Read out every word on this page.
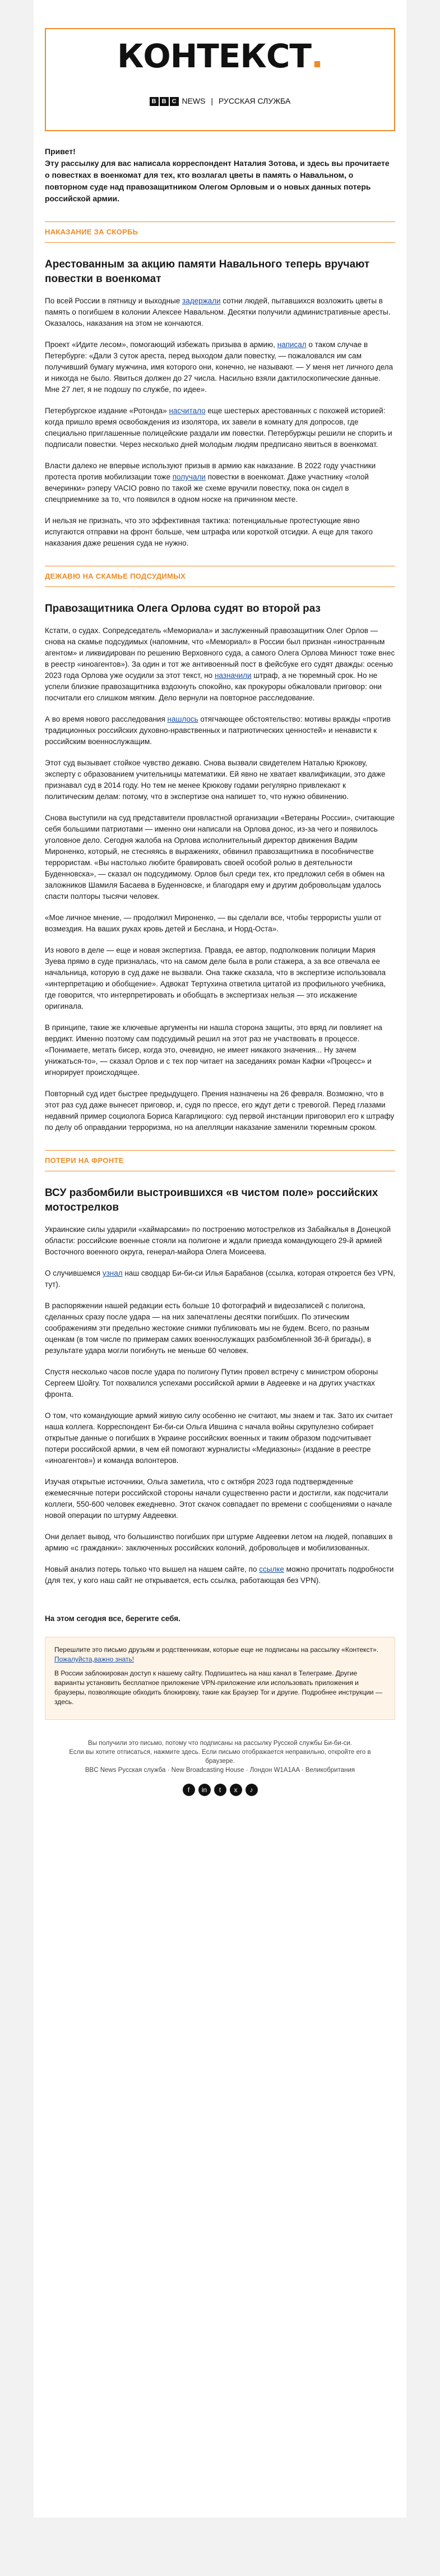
КОНТЕКСТ.
B B C NEWS | РУССКАЯ СЛУЖБА

Привет!

Эту рассылку для вас написала корреспондент Наталия Зотова, и здесь вы прочитаете о повестках в военкомат для тех, кто возлагал цветы в память о Навальном, о повторном суде над правозащитником Олегом Орловым и о новых данных потерь российской армии.

НАКАЗАНИЕ ЗА СКОРБЬ
Арестованным за акцию памяти Навального теперь вручают повестки в военкомат

По всей России в пятницу и выходные задержали сотни людей, пытавшихся возложить цветы в память о погибшем в колонии Алексее Навальном. Десятки получили административные аресты. Оказалось, наказания на этом не кончаются.

Проект «Идите лесом», помогающий избежать призыва в армию, написал о таком случае в Петербурге: «Дали 3 суток ареста, перед выходом дали повестку, — пожаловался им сам получивший бумагу мужчина, имя которого они, конечно, не называют. — У меня нет личного дела и никогда не было. Явиться должен до 27 числа. Насильно взяли дактилоскопические данные. Мне 27 лет, я не подошу по службе, по идее».

Петербургское издание «Ротонда» насчитало еще шестерых арестованных с похожей историей: когда пришло время освобождения из изолятора, их завели в комнату для допросов, где специально приглашенные полицейские раздали им повестки. Петербуржцы решили не спорить и подписали повестки. Через несколько дней молодым людям предписано явиться в военкомат.

Власти далеко не впервые используют призыв в армию как наказание. В 2022 году участники протеста против мобилизации тоже получали повестки в военкомат. Даже участнику «голой вечеринки» рэперу VACIO ровно по такой же схеме вручили повестку, пока он сидел в спецприемнике за то, что появился в одном носке на причинном месте.

И нельзя не признать, что это эффективная тактика: потенциальные протестующие явно испугаются отправки на фронт больше, чем штрафа или короткой отсидки. А еще для такого наказания даже решения суда не нужно.

ДЕЖАВЮ НА СКАМЬЕ ПОДСУДИМЫХ
Правозащитника Олега Орлова судят во второй раз

Кстати, о судах. Сопредседатель «Мемориала» и заслуженный правозащитник Олег Орлов — снова на скамье подсудимых (напомним, что «Мемориал» в России был признан «иностранным агентом» и ликвидирован по решению Верховного суда, а самого Олега Орлова Минюст тоже внес в реестр «иноагентов»). За один и тот же антивоенный пост в фейсбуке его судят дважды: осенью 2023 года Орлова уже осудили за этот текст, но назначили штраф, а не тюремный срок. Но не успели близкие правозащитника вздохнуть спокойно, как прокуроры обжаловали приговор: они посчитали его слишком мягким. Дело вернули на повторное расследование.

А во время нового расследования нашлось отягчающее обстоятельство: мотивы вражды «против традиционных российских духовно-нравственных и патриотических ценностей» и ненависти к российским военнослужащим.

Этот суд вызывает стойкое чувство дежавю. Снова вызвали свидетелем Наталью Крюкову, эксперту с образованием учительницы математики. Ей явно не хватает квалификации, это даже признавал суд в 2014 году. Но тем не менее Крюкову годами регулярно привлекают к политическим делам: потому, что в экспертизе она напишет то, что нужно обвинению.

Снова выступили на суд представители провластной организации «Ветераны России», считающие себя большими патриотами — именно они написали на Орлова донос, из-за чего и появилось уголовное дело. Сегодня жалоба на Орлова исполнительный директор движения Вадим Мироненко, который, не стесняясь в выражениях, обвинил правозащитника в пособничестве террористам. «Вы настолько любите бравировать своей особой ролью в деятельности Буденновска», — сказал он подсудимому. Орлов был среди тех, кто предложил себя в обмен на заложников Шамиля Басаева в Буденновске, и благодаря ему и другим добровольцам удалось спасти полторы тысячи человек.

«Мое личное мнение, — продолжил Мироненко, — вы сделали все, чтобы террористы ушли от возмездия. На ваших руках кровь детей и Беслана, и Норд-Оста».

Из нового в деле — еще и новая экспертиза. Правда, ее автор, подполковник полиции Мария Зуева прямо в суде призналась, что на самом деле была в роли стажера, а за все отвечала ее начальница, которую в суд даже не вызвали. Она также сказала, что в экспертизе использовала «интерпретацию и обобщение». Адвокат Тертухина ответила цитатой из профильного учебника, где говорится, что интерпретировать и обобщать в экспертизах нельзя — это искажение оригинала.

В принципе, такие же ключевые аргументы ни нашла сторона защиты, это вряд ли повлияет на вердикт. Именно поэтому сам подсудимый решил на этот раз не участвовать в процессе. «Понимаете, метать бисер, когда это, очевидно, не имеет никакого значения... Ну зачем унижаться-то», — сказал Орлов и с тех пор читает на заседаниях роман Кафки «Процесс» и игнорирует происходящее.

Повторный суд идет быстрее предыдущего. Прения назначены на 26 февраля. Возможно, что в этот раз суд даже вынесет приговор, и, судя по прессе, его ждут дети с тревогой. Перед глазами недавний пример социолога Бориса Кагарлицкого: суд первой инстанции приговорил его к штрафу по делу об оправдании терроризма, но на апелляции наказание заменили тюремным сроком.

ПОТЕРИ НА ФРОНТЕ
ВСУ разбомбили выстроившихся «в чистом поле» российских мотострелков

Украинские силы ударили «хаймарсами» по построению мотострелков из Забайкалья в Донецкой области: российские военные стояли на полигоне и ждали приезда командующего 29-й армией Восточного военного округа, генерал-майора Олега Моисеева.

О случившемся узнал наш сводцар Би-би-си Илья Барабанов (ссылка, которая откроется без VPN, тут).

В распоряжении нашей редакции есть больше 10 фотографий и видеозаписей с полигона, сделанных сразу после удара — на них запечатлены десятки погибших. По этическим соображениям эти предельно жестокие снимки публиковать мы не будем. Всего, по разным оценкам (в том числе по примерам самих военнослужащих разбомбленной 36-й бригады), в результате удара могли погибнуть не меньше 60 человек.

Спустя несколько часов после удара по полигону Путин провел встречу с министром обороны Сергеем Шойгу. Тот похвалился успехами российской армии в Авдеевке и на других участках фронта.

О том, что командующие армий живую силу особенно не считают, мы знаем и так. Зато их считает наша коллега. Корреспондент Би-би-си Ольга Ившина с начала войны скрупулезно собирает открытые данные о погибших в Украине российских военных и таким образом подсчитывает потери российской армии, в чем ей помогают журналисты «Медиазоны» (издание в реестре «иноагентов») и команда волонтеров.

Изучая открытые источники, Ольга заметила, что с октября 2023 года подтвержденные ежемесячные потери российской стороны начали существенно расти и достигли, как подсчитали коллеги, 550-600 человек ежедневно. Этот скачок совпадает по времени с сообщениями о начале новой операции по штурму Авдеевки.

Они делает вывод, что большинство погибших при штурме Авдеевки летом на людей, попавших в армию «с гражданки»: заключенных российских колоний, добровольцев и мобилизованных.

Новый анализ потерь только что вышел на нашем сайте, по ссылке можно прочитать подробности (для тех, у кого наш сайт не открывается, есть ссылка, работающая без VPN).

На этом сегодня все, берегите себя.

Перешлите это письмо друзьям и родственникам, которые еще не подписаны на рассылку «Контекст». Пожалуйста,важно знать!

В России заблокирован доступ к нашему сайту. Подпишитесь на наш канал в Телеграме. Другие варианты установить бесплатное приложение VPN-приложение или использовать приложения и браузеры, позволяющие обходить блокировку, такие как Браузер Tor и другие. Подробнее инструкции — здесь.

Вы получили это письмо, потому что подписаны на рассылку Русской службы Би-би-си.
Если вы хотите отписаться, нажмите здесь. Если письмо отображается неправильно, откройте его в браузере.
BBC News Русская служба · New Broadcasting House · Лондон W1A1AA · Великобритания
f in t x ♪
